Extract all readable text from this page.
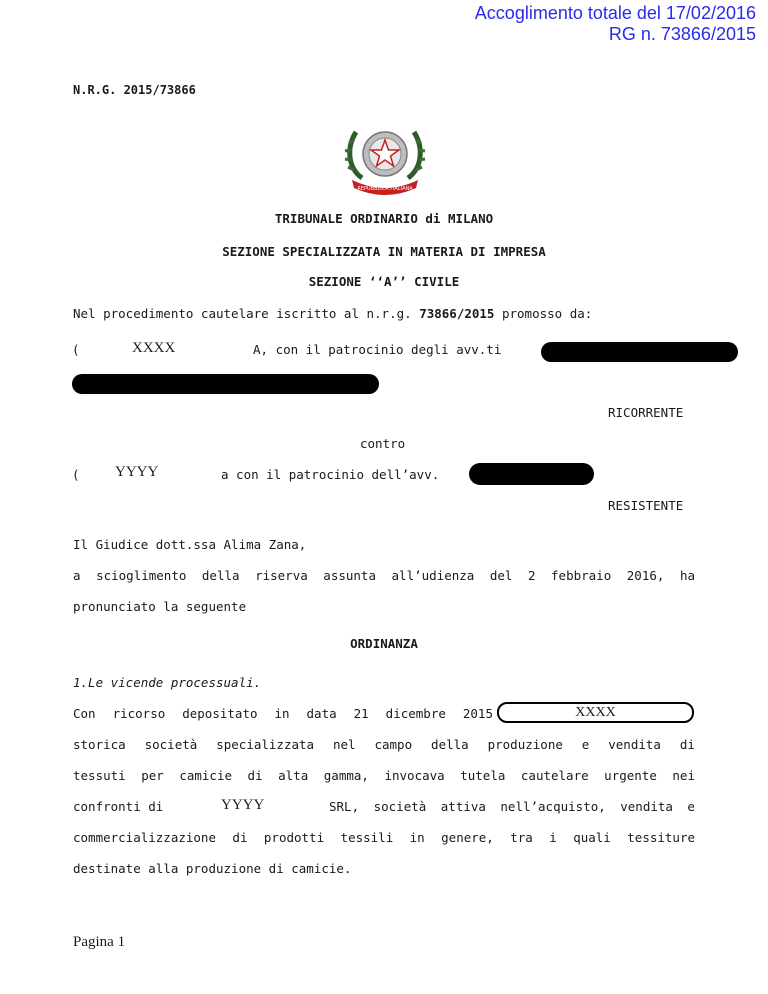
Accoglimento totale del 17/02/2016
RG n. 73866/2015
N.R.G. 2015/73866
REPUBBLICA ITALIANA
TRIBUNALE ORDINARIO di MILANO
SEZIONE SPECIALIZZATA IN MATERIA DI IMPRESA
SEZIONE ‘‘A’’ CIVILE
Nel procedimento cautelare iscritto al n.r.g. 73866/2015 promosso da:
(	XXXX	A, con il patrocinio degli avv.ti
RICORRENTE
contro
( YYYY	a con il patrocinio dell’avv.
RESISTENTE
Il Giudice dott.ssa Alima Zana,
a scioglimento della riserva assunta all’udienza del 2 febbraio 2016, ha
pronunciato la seguente
ORDINANZA
1.Le vicende processuali.
Con ricorso depositato in data 21 dicembre 2015	XXXX
storica società specializzata nel campo della produzione e vendita di
tessuti per camicie di alta gamma, invocava tutela cautelare urgente nei
confronti di	YYYY	SRL, società attiva nell’acquisto, vendita e
commercializzazione di prodotti tessili in genere, tra i quali tessiture
destinate alla produzione di camicie.
Pagina 1
